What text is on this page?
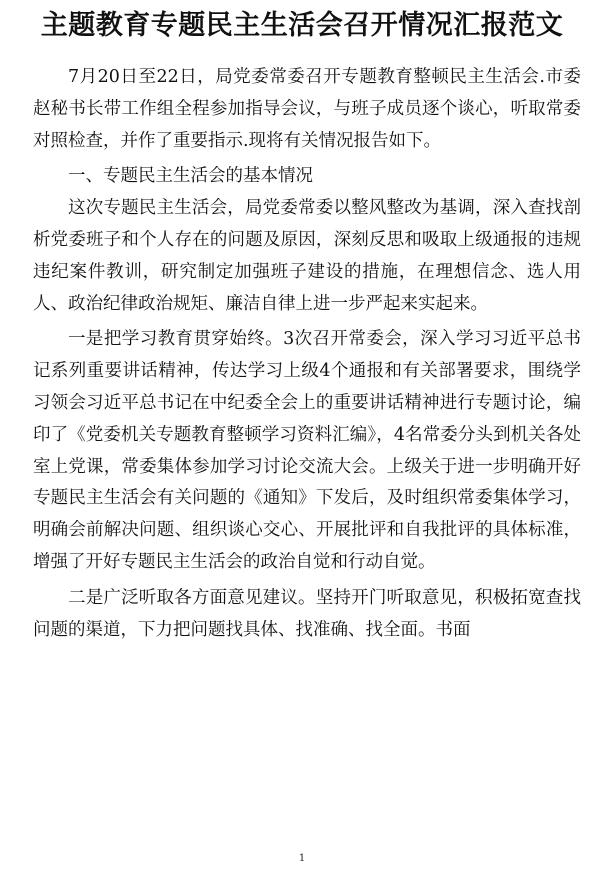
主题教育专题民主生活会召开情况汇报范文

7月20日至22日，局党委常委召开专题教育整顿民主生活会.市委赵秘书长带工作组全程参加指导会议，与班子成员逐个谈心，听取常委对照检查，并作了重要指示.现将有关情况报告如下。

一、专题民主生活会的基本情况

这次专题民主生活会，局党委常委以整风整改为基调，深入查找剖析党委班子和个人存在的问题及原因，深刻反思和吸取上级通报的违规违纪案件教训，研究制定加强班子建设的措施，在理想信念、选人用人、政治纪律政治规矩、廉洁自律上进一步严起来实起来。

一是把学习教育贯穿始终。3次召开常委会，深入学习习近平总书记系列重要讲话精神，传达学习上级4个通报和有关部署要求，围绕学习领会习近平总书记在中纪委全会上的重要讲话精神进行专题讨论，编印了《党委机关专题教育整顿学习资料汇编》，4名常委分头到机关各处室上党课，常委集体参加学习讨论交流大会。上级关于进一步明确开好专题民主生活会有关问题的《通知》下发后，及时组织常委集体学习，明确会前解决问题、组织谈心交心、开展批评和自我批评的具体标准，增强了开好专题民主生活会的政治自觉和行动自觉。

二是广泛听取各方面意见建议。坚持开门听取意见，积极拓宽查找问题的渠道，下力把问题找具体、找准确、找全面。书面

1
